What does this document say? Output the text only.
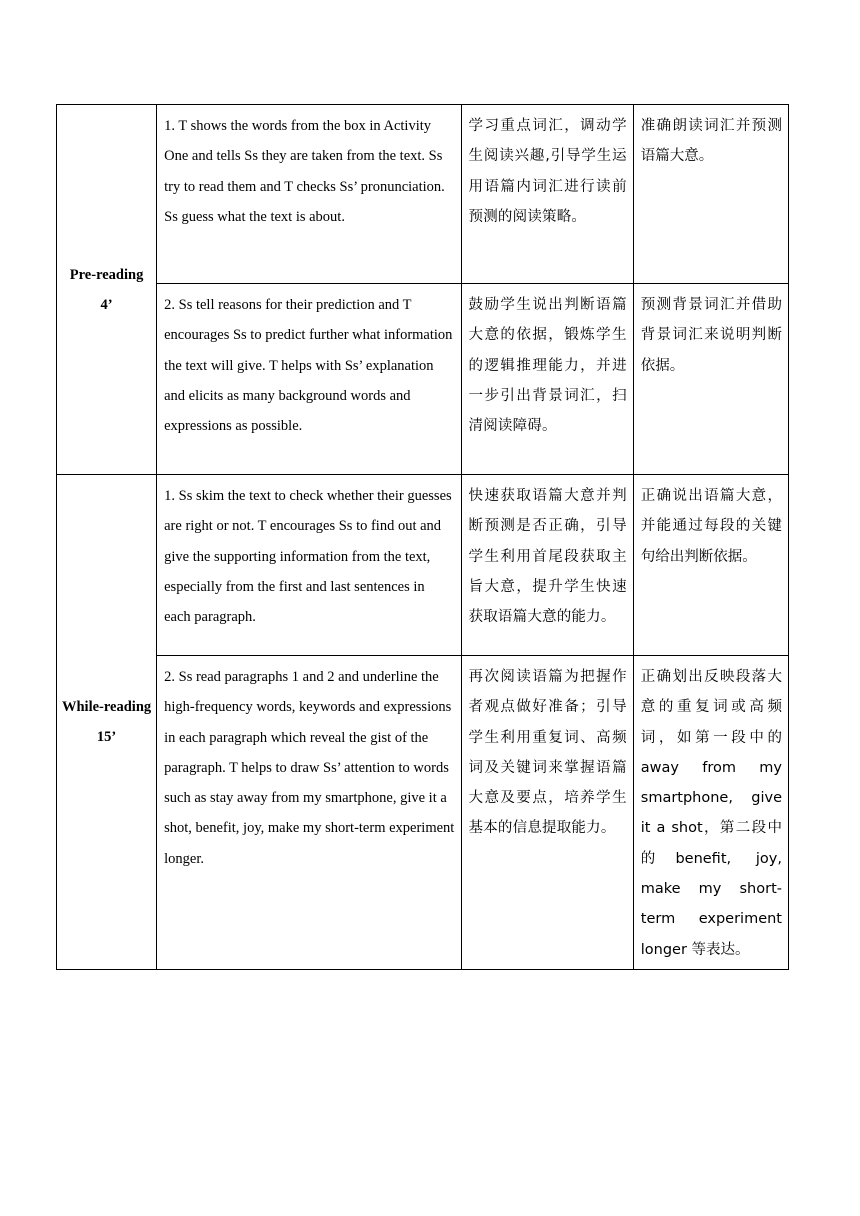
Pre-reading
4’	1. T shows the words from the box in Activity One and tells Ss they are taken from the text. Ss try to read them and T checks Ss’ pronunciation. Ss guess what the text is about.	学习重点词汇，调动学生阅读兴趣,引导学生运用语篇内词汇进行读前预测的阅读策略。	准确朗读词汇并预测语篇大意。
	2. Ss tell reasons for their prediction and T encourages Ss to predict further what information the text will give. T helps with Ss’ explanation and elicits as many background words and expressions as possible.	鼓励学生说出判断语篇大意的依据，锻炼学生的逻辑推理能力，并进一步引出背景词汇，扫清阅读障碍。	预测背景词汇并借助背景词汇来说明判断依据。

While-reading
15’	1. Ss skim the text to check whether their guesses are right or not. T encourages Ss to find out and give the supporting information from the text, especially from the first and last sentences in each paragraph.	快速获取语篇大意并判断预测是否正确，引导学生利用首尾段获取主旨大意，提升学生快速获取语篇大意的能力。	正确说出语篇大意，并能通过每段的关键句给出判断依据。
	2. Ss read paragraphs 1 and 2 and underline the high-frequency words, keywords and expressions in each paragraph which reveal the gist of the paragraph. T helps to draw Ss’ attention to words such as stay away from my smartphone, give it a shot, benefit, joy, make my short-term experiment longer.	再次阅读语篇为把握作者观点做好准备；引导学生利用重复词、高频词及关键词来掌握语篇大意及要点，培养学生基本的信息提取能力。	正确划出反映段落大意的重复词或高频词，如第一段中的away from my smartphone, give it a shot，第二段中的benefit, joy, make my short-term experiment longer 等表达。
